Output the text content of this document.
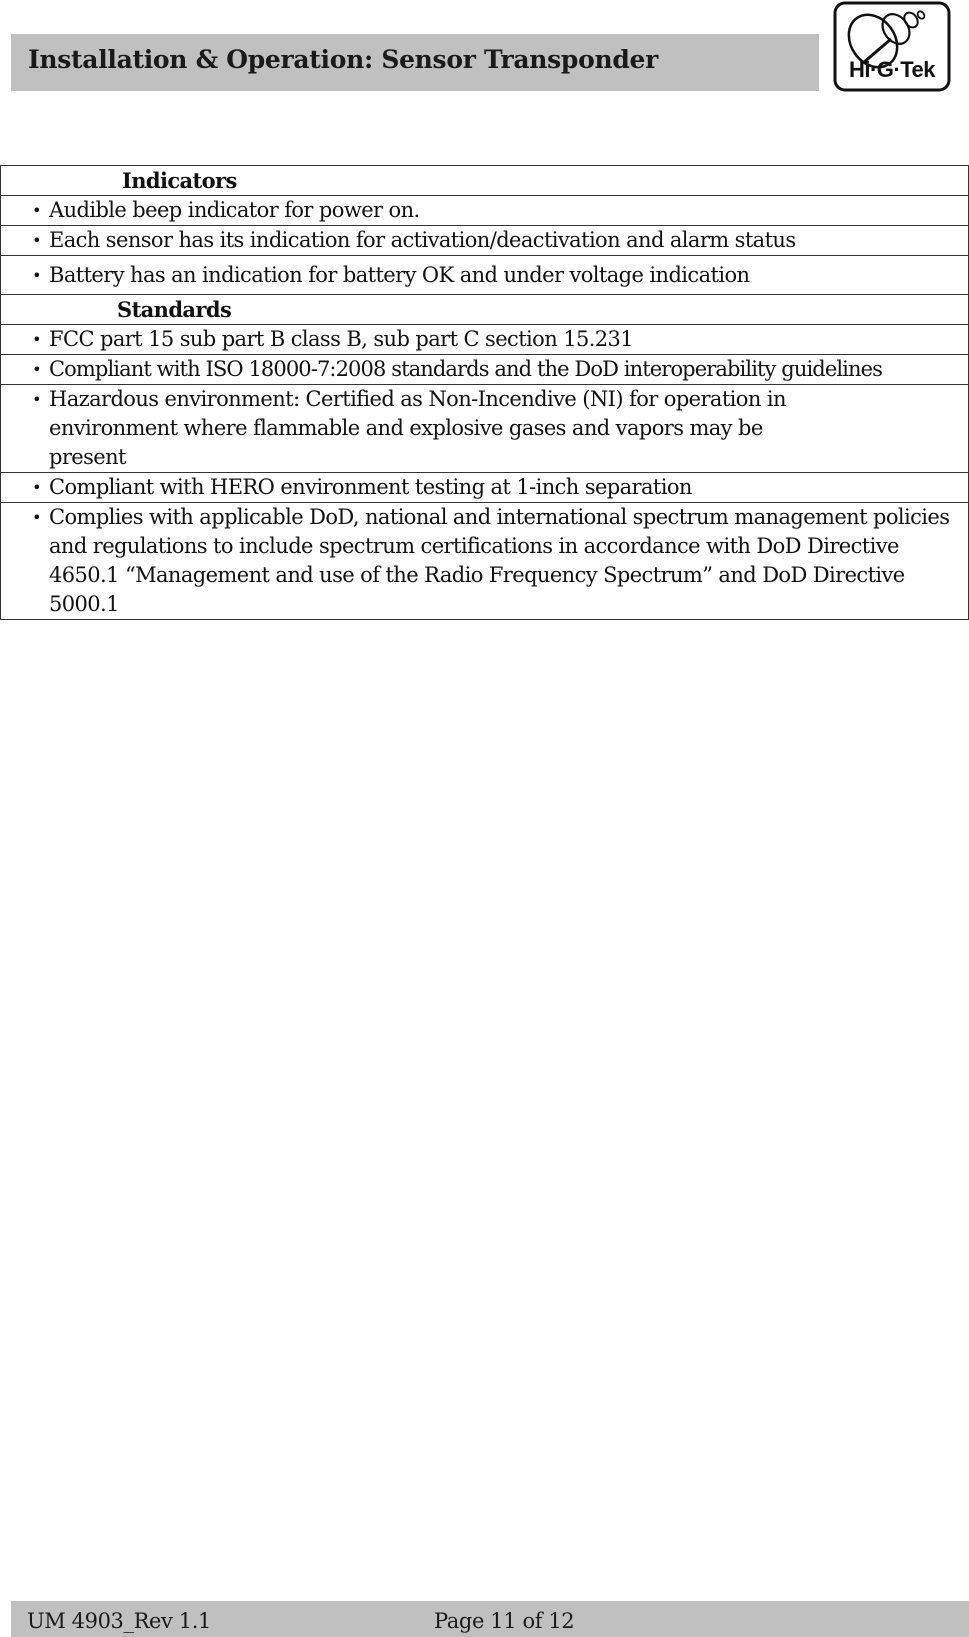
Installation & Operation: Sensor Transponder	Hi·G·Tek
Indicators

• Audible beep indicator for power on.

• Each sensor has its indication for activation/deactivation and alarm status

• Battery has an indication for battery OK and under voltage indication

Standards

• FCC part 15 sub part B class B, sub part C section 15.231

• Compliant with ISO 18000-7:2008 standards and the DoD interoperability guidelines

• Hazardous environment: Certified as Non-Incendive (NI) for operation in environment where flammable and explosive gases and vapors may be present

• Compliant with HERO environment testing at 1-inch separation

• Complies with applicable DoD, national and international spectrum management policies and regulations to include spectrum certifications in accordance with DoD Directive 4650.1 “Management and use of the Radio Frequency Spectrum” and DoD Directive 5000.1
UM 4903_Rev 1.1	Page 11 of 12
